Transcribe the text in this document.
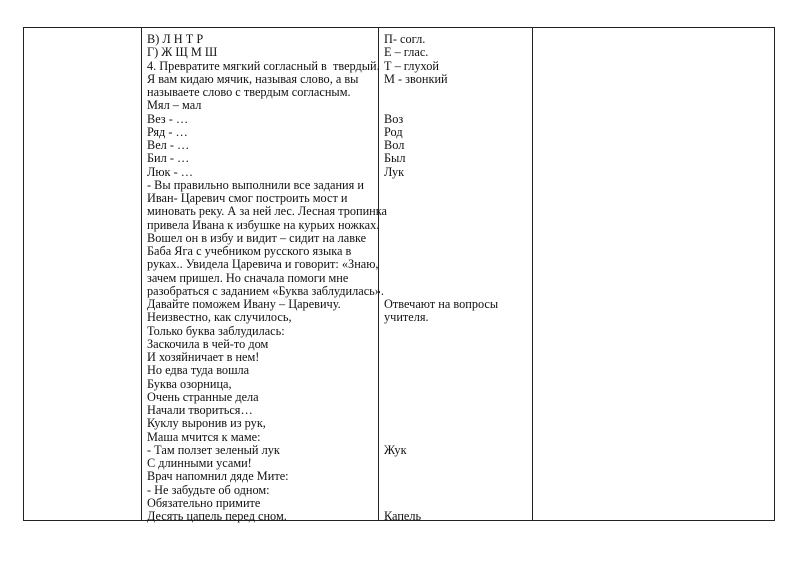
В) Л Н Т Р
Г) Ж Щ М Ш
4. Превратите мягкий согласный в  твердый.
Я вам кидаю мячик, называя слово, а вы
называете слово с твердым согласным.
Мял – мал
Вез - …
Ряд - …
Вел - …
Бил - …
Люк - …
- Вы правильно выполнили все задания и
Иван- Царевич смог построить мост и
миновать реку. А за ней лес. Лесная тропинка
привела Ивана к избушке на курьих ножках.
Вошел он в избу и видит – сидит на лавке
Баба Яга с учебником русского языка в
руках.. Увидела Царевича и говорит: «Знаю,
зачем пришел. Но сначала помоги мне
разобраться с заданием «Буква заблудилась».
Давайте поможем Ивану – Царевичу.
Неизвестно, как случилось,
Только буква заблудилась:
Заскочила в чей-то дом
И хозяйничает в нем!
Но едва туда вошла
Буква озорница,
Очень странные дела
Начали твориться…
Куклу выронив из рук,
Маша мчится к маме:
- Там ползет зеленый лук
С длинными усами!
Врач напомнил дяде Мите:
- Не забудьте об одном:
Обязательно примите
Десять цапель перед сном.
П- согл.
Е – глас.
Т – глухой
М - звонкий
Воз
Род
Вол
Был
Лук
Отвечают на вопросы
учителя.
Жук
Капель
